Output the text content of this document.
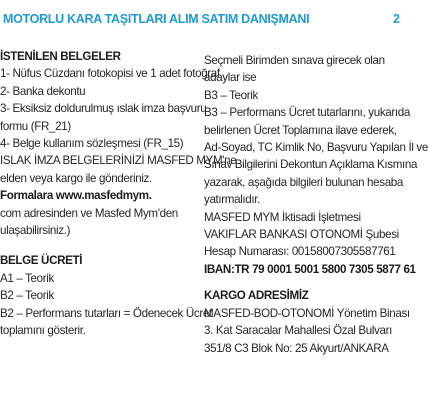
MOTORLU KARA TAŞITLARI ALIM SATIM DANIŞMANI	2
İSTENİLEN BELGELER
1- Nüfus Cüzdanı fotokopisi ve 1 adet fotoğraf
2- Banka dekontu
3- Eksiksiz doldurulmuş ıslak imza başvuru
formu (FR_21)
4- Belge kullanım sözleşmesi (FR_15)
ISLAK İMZA BELGELERİNİZİ MASFED MYM'ne
elden veya kargo ile gönderiniz.
Formalara www.masfedmym.
com adresinden ve Masfed Mym'den
ulaşabilirsiniz.)
BELGE ÜCRETİ
A1 – Teorik
B2 – Teorik
B2 – Performans tutarları = Ödenecek Ücret
toplamını gösterir.
Seçmeli Birimden sınava girecek olan
adaylar ise
B3 – Teorik
B3 – Performans Ücret tutarlarını, yukarıda
belirlenen Ücret Toplamına ilave ederek,
Ad-Soyad, TC Kimlik No, Başvuru Yapılan İl ve
Sınav Bilgilerini Dekontun Açıklama Kısmına
yazarak, aşağıda bilgileri bulunan hesaba
yatırmalıdır.
MASFED MYM İktisadi İşletmesi
VAKIFLAR BANKASI OTONOMİ Şubesi
Hesap Numarası: 00158007305587761
IBAN:TR 79 0001 5001 5800 7305 5877 61
KARGO ADRESİMİZ
MASFED-BOD-OTONOMİ Yönetim Binası
3. Kat Saracalar Mahallesi Özal Bulvarı
351/8 C3 Blok No: 25 Akyurt/ANKARA
